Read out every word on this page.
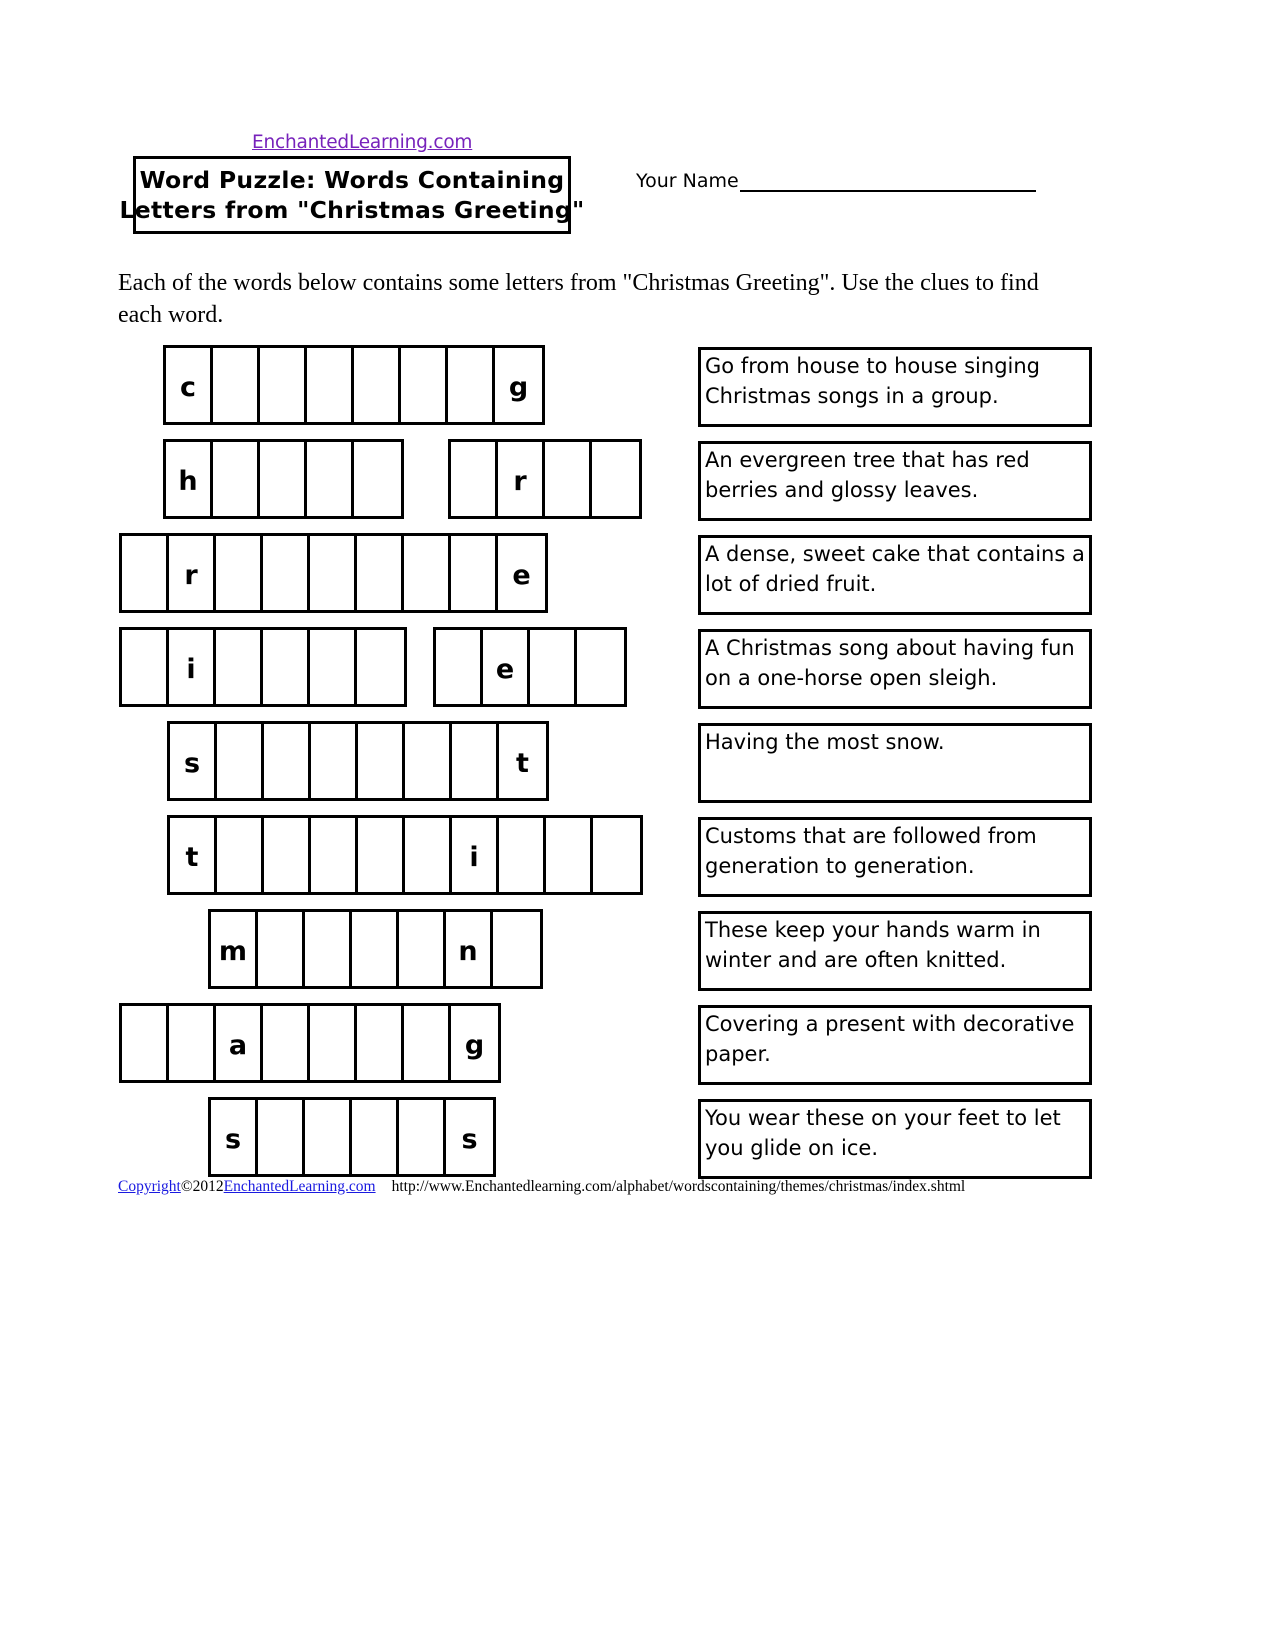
EnchantedLearning.com
Word Puzzle: Words Containing
Letters from "Christmas Greeting"
Your Name
Each of the words below contains some letters from "Christmas Greeting". Use the clues to find each word.
c	g
h	r
r	e
i	e
s	t
t	i
m	n
a	g
s	s
Go from house to house singing Christmas songs in a group.
An evergreen tree that has red berries and glossy leaves.
A dense, sweet cake that contains a lot of dried fruit.
A Christmas song about having fun on a one-horse open sleigh.
Having the most snow.
Customs that are followed from generation to generation.
These keep your hands warm in winter and are often knitted.
Covering a present with decorative paper.
You wear these on your feet to let you glide on ice.
Copyright ©2012 EnchantedLearning.com http://www.Enchantedlearning.com/alphabet/wordscontaining/themes/christmas/index.shtml
